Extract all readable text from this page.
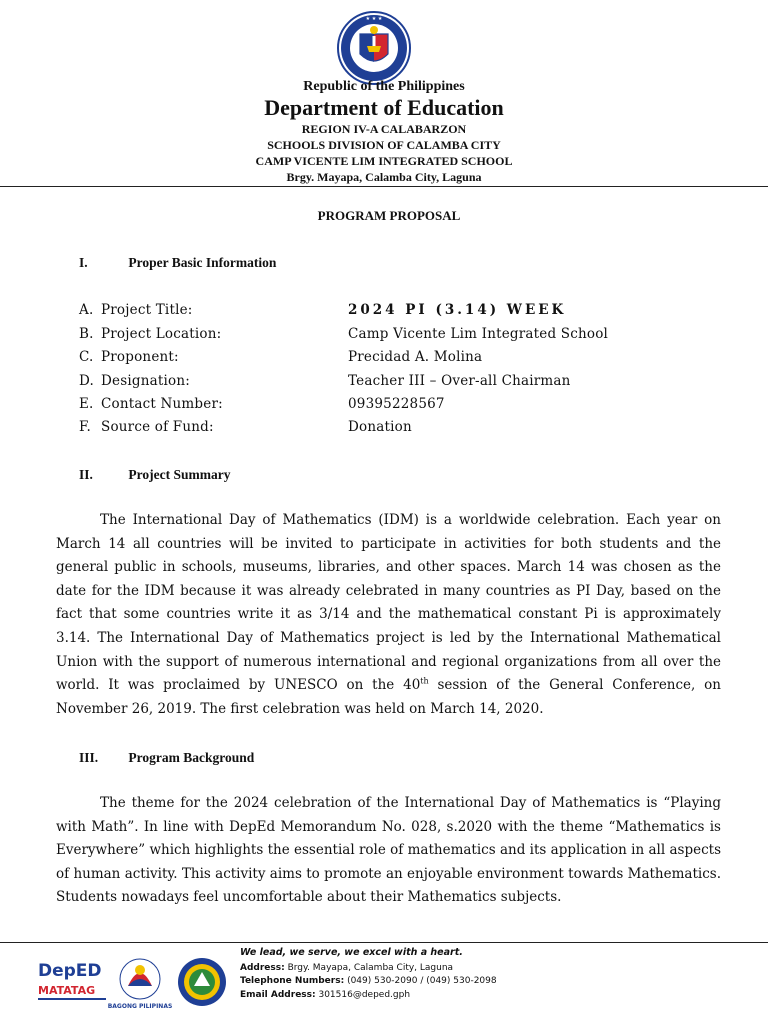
★ ★ ★
Republic of the Philippines
Department of Education
REGION IV-A CALABARZON
SCHOOLS DIVISION OF CALAMBA CITY
CAMP VICENTE LIM INTEGRATED SCHOOL
Brgy. Mayapa, Calamba City, Laguna
PROGRAM PROPOSAL
I.	Proper Basic Information
A. Project Title:	2024 PI (3.14) WEEK
B. Project Location:	Camp Vicente Lim Integrated School
C. Proponent:	Precidad A. Molina
D. Designation:	Teacher III – Over-all Chairman
E. Contact Number:	09395228567
F. Source of Fund:	Donation
II.	Project Summary

The International Day of Mathematics (IDM) is a worldwide celebration. Each year on March 14 all countries will be invited to participate in activities for both students and the general public in schools, museums, libraries, and other spaces. March 14 was chosen as the date for the IDM because it was already celebrated in many countries as PI Day, based on the fact that some countries write it as 3/14 and the mathematical constant Pi is approximately 3.14. The International Day of Mathematics project is led by the International Mathematical Union with the support of numerous international and regional organizations from all over the world. It was proclaimed by UNESCO on the 40th session of the General Conference, on November 26, 2019. The first celebration was held on March 14, 2020.

III. Program Background

The theme for the 2024 celebration of the International Day of Mathematics is “Playing with Math”. In line with DepEd Memorandum No. 028, s.2020 with the theme “Mathematics is Everywhere” which highlights the essential role of mathematics and its application in all aspects of human activity. This activity aims to promote an enjoyable environment towards Mathematics. Students nowadays feel uncomfortable about their Mathematics subjects.

DepED
MATATAG
BAGONG PILIPINAS
We lead, we serve, we excel with a heart.
Address: Brgy. Mayapa, Calamba City, Laguna
Telephone Numbers: (049) 530-2090 / (049) 530-2098
Email Address: 301516@deped.gph
